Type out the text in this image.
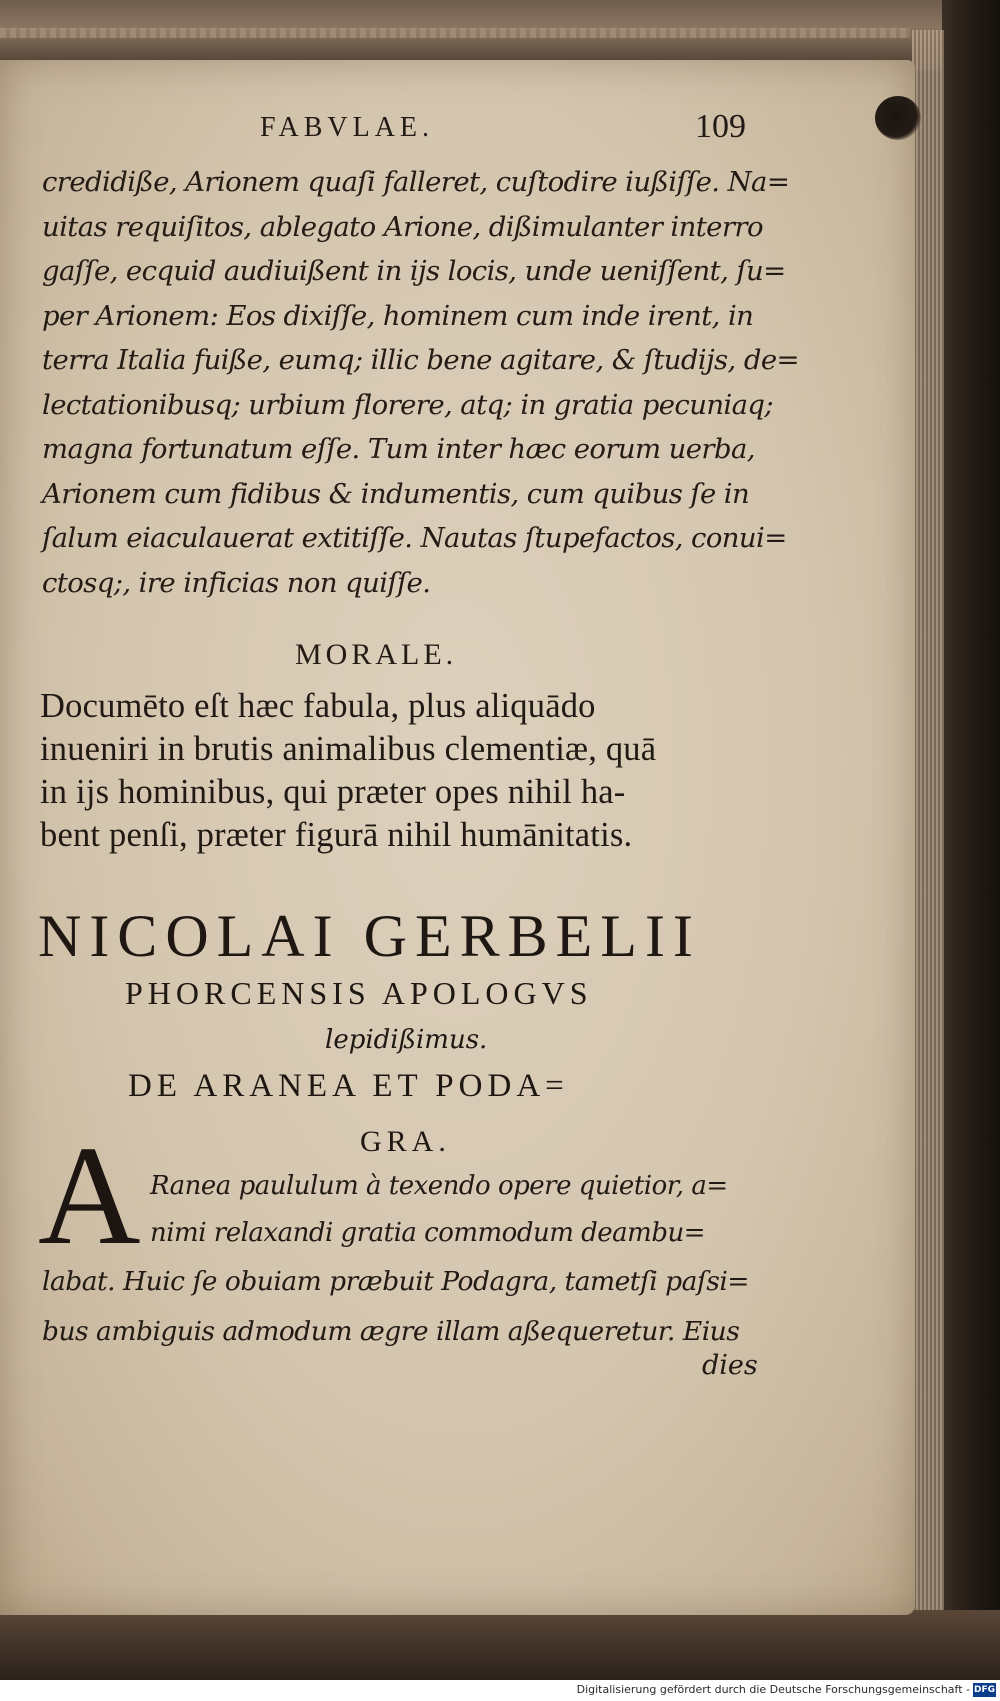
FABVLAE.	109
credidiße, Arionem quaſi falleret, cuſtodire iußiſſe. Na=
uitas requiſitos, ablegato Arione, dißimulanter interro
gaſſe, ecquid audiuißent in ijs locis, unde ueniſſent, ſu=
per Arionem: Eos dixiſſe, hominem cum inde irent, in
terra Italia fuiße, eumq; illic bene agitare, & ſtudijs, de=
lectationibusq; urbium florere, atq; in gratia pecuniaq;
magna fortunatum eſſe. Tum inter hæc eorum uerba,
Arionem cum fidibus & indumentis, cum quibus ſe in
ſalum eiaculauerat extitiſſe. Nautas ſtupefactos, conui=
ctosq;, ire inficias non quiſſe.
MORALE.
Documēto eſt hæc fabula, plus aliquādo
inueniri in brutis animalibus clementiæ, quā
in ijs hominibus, qui præter opes nihil ha-
bent penſi, præter figurā nihil humānitatis.
NICOLAI GERBELII
PHORCENSIS APOLOGVS
lepidißimus.
DE ARANEA ET PODA=
GRA.
A Ranea paululum à texendo opere quietior, a=
nimi relaxandi gratia commodum deambu=
labat. Huic ſe obuiam præbuit Podagra, tametſi paſsi=
bus ambiguis admodum ægre illam aßequeretur. Eius
dies
Digitalisierung gefördert durch die Deutsche Forschungsgemeinschaft - DFG
